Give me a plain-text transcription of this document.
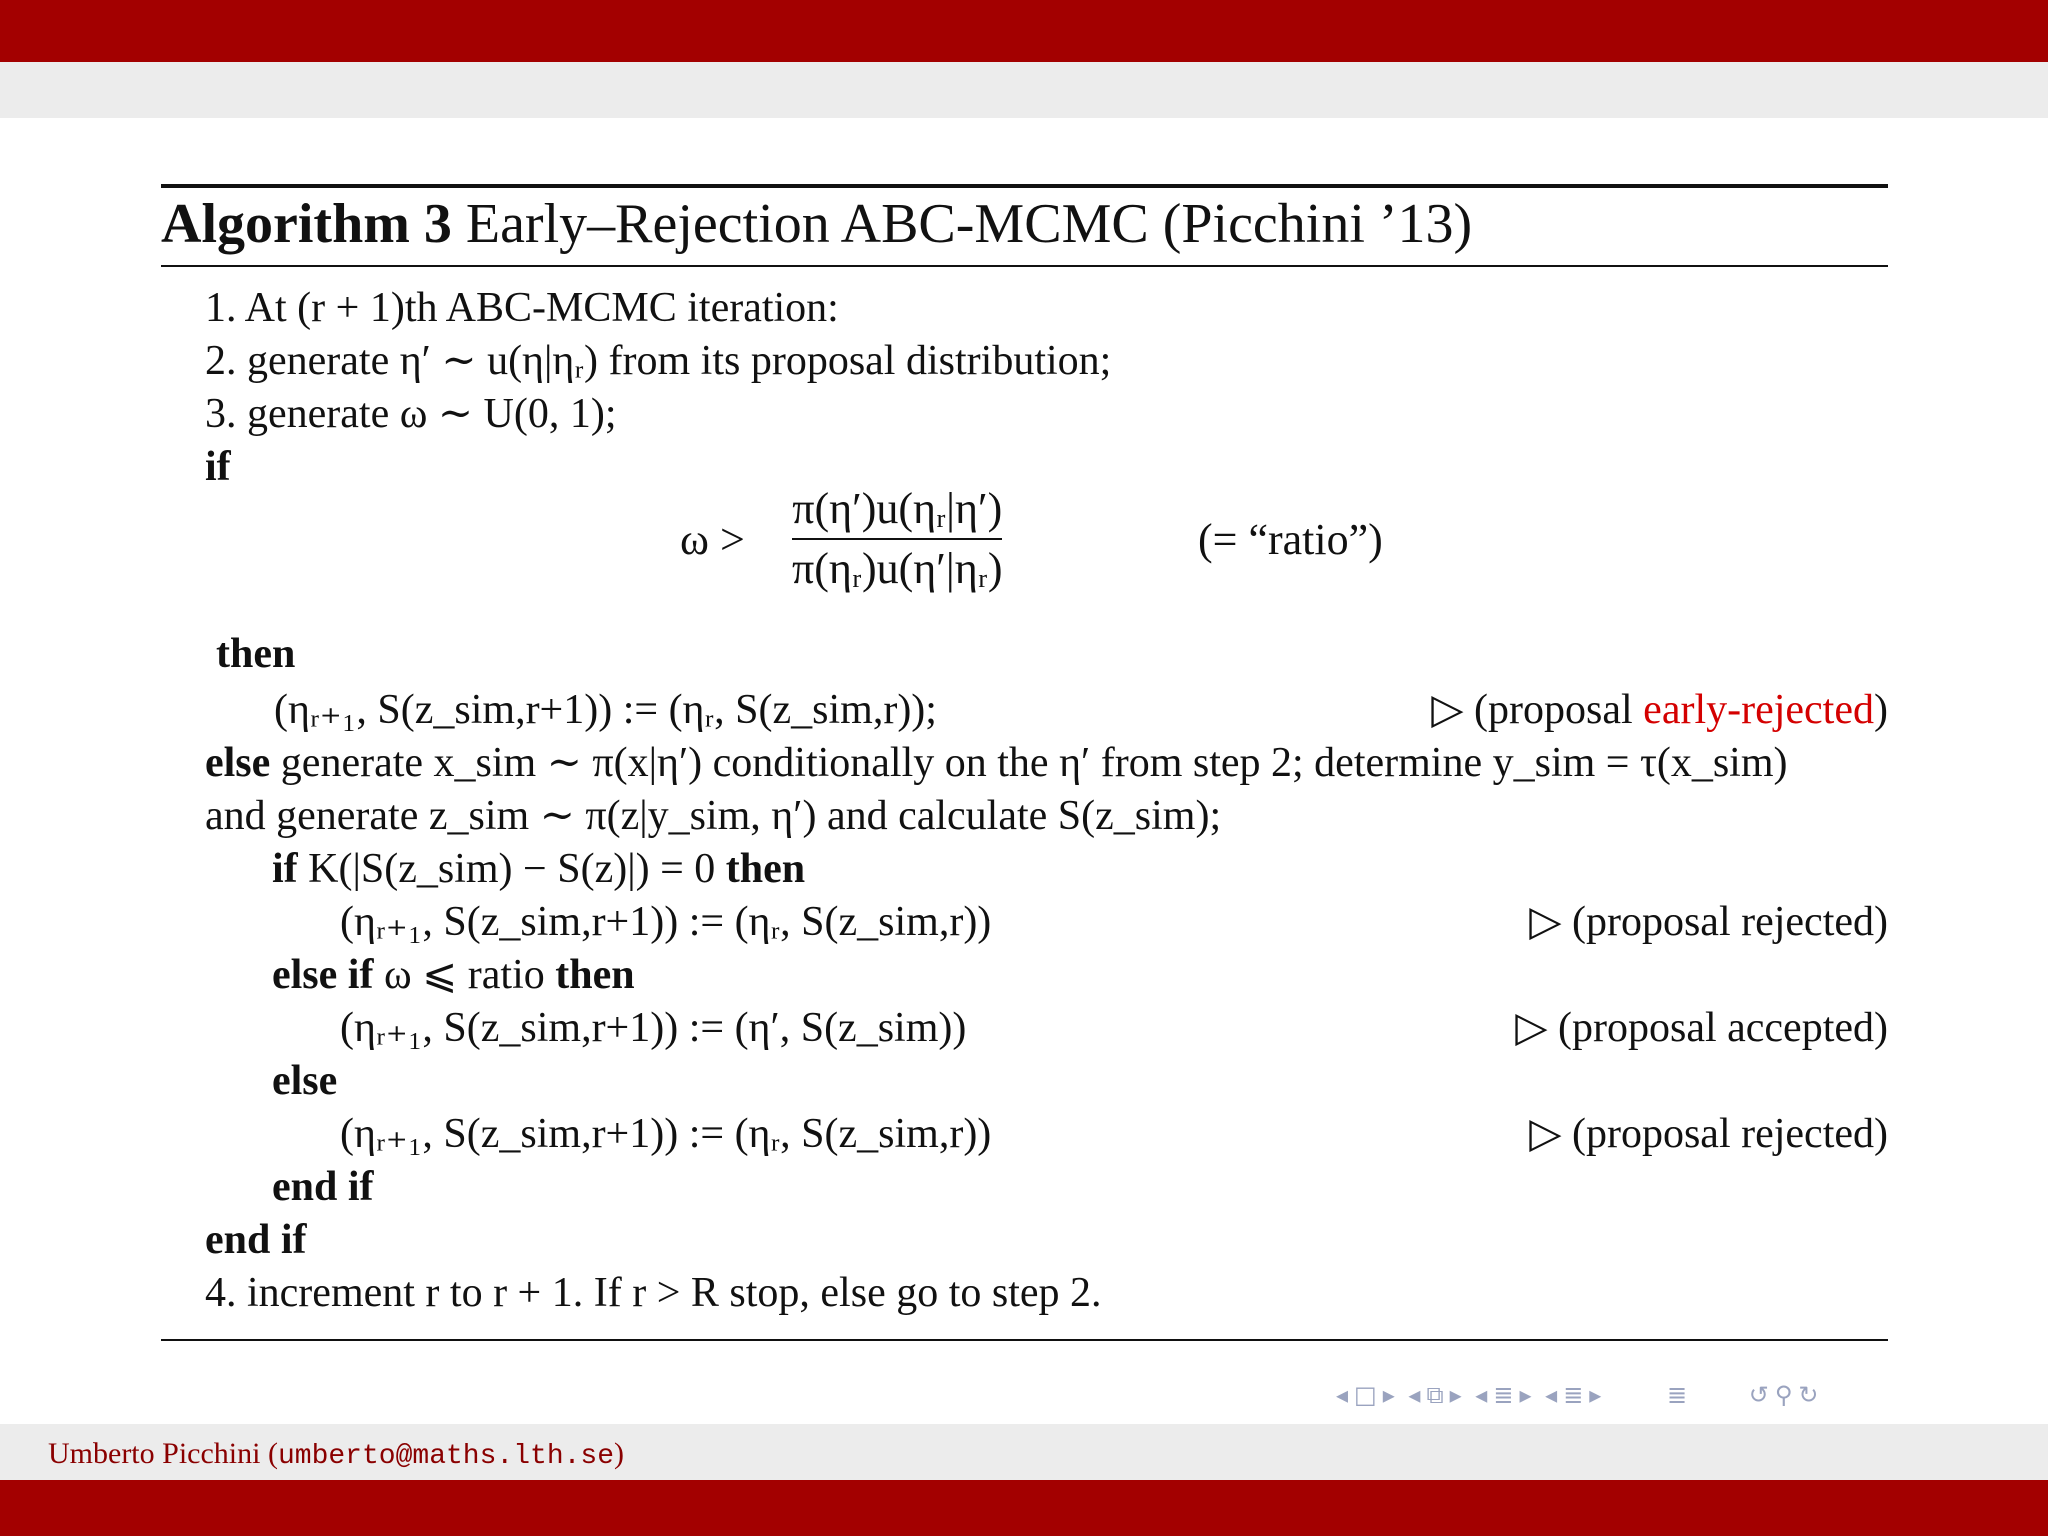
Algorithm 3 Early–Rejection ABC-MCMC (Picchini ’13)
1. At (r + 1)th ABC-MCMC iteration:
2. generate η′ ∼ u(η|ηᵣ) from its proposal distribution;
3. generate ω ∼ U(0, 1);
if
ω >
π(η′)u(ηᵣ|η′)
π(ηᵣ)u(η′|ηᵣ)
(= “ratio”)
then
(ηᵣ₊₁, S(z_sim,r+1)) := (ηᵣ, S(z_sim,r));	▷ (proposal early-rejected)
else generate x_sim ∼ π(x|η′) conditionally on the η′ from step 2; determine y_sim = τ(x_sim)
and generate z_sim ∼ π(z|y_sim, η′) and calculate S(z_sim);
if K(|S(z_sim) − S(z)|) = 0 then
(ηᵣ₊₁, S(z_sim,r+1)) := (ηᵣ, S(z_sim,r))	▷ (proposal rejected)
else if ω ⩽ ratio then
(ηᵣ₊₁, S(z_sim,r+1)) := (η′, S(z_sim))	▷ (proposal accepted)
else
(ηᵣ₊₁, S(z_sim,r+1)) := (ηᵣ, S(z_sim,r))	▷ (proposal rejected)
end if
end if
4. increment r to r + 1. If r > R stop, else go to step 2.
◂ □ ▸ ◂ ⧉ ▸ ◂ ≣ ▸ ◂ ≣ ▸	≣	↺ ⚲ ↻
Umberto Picchini (umberto@maths.lth.se)
